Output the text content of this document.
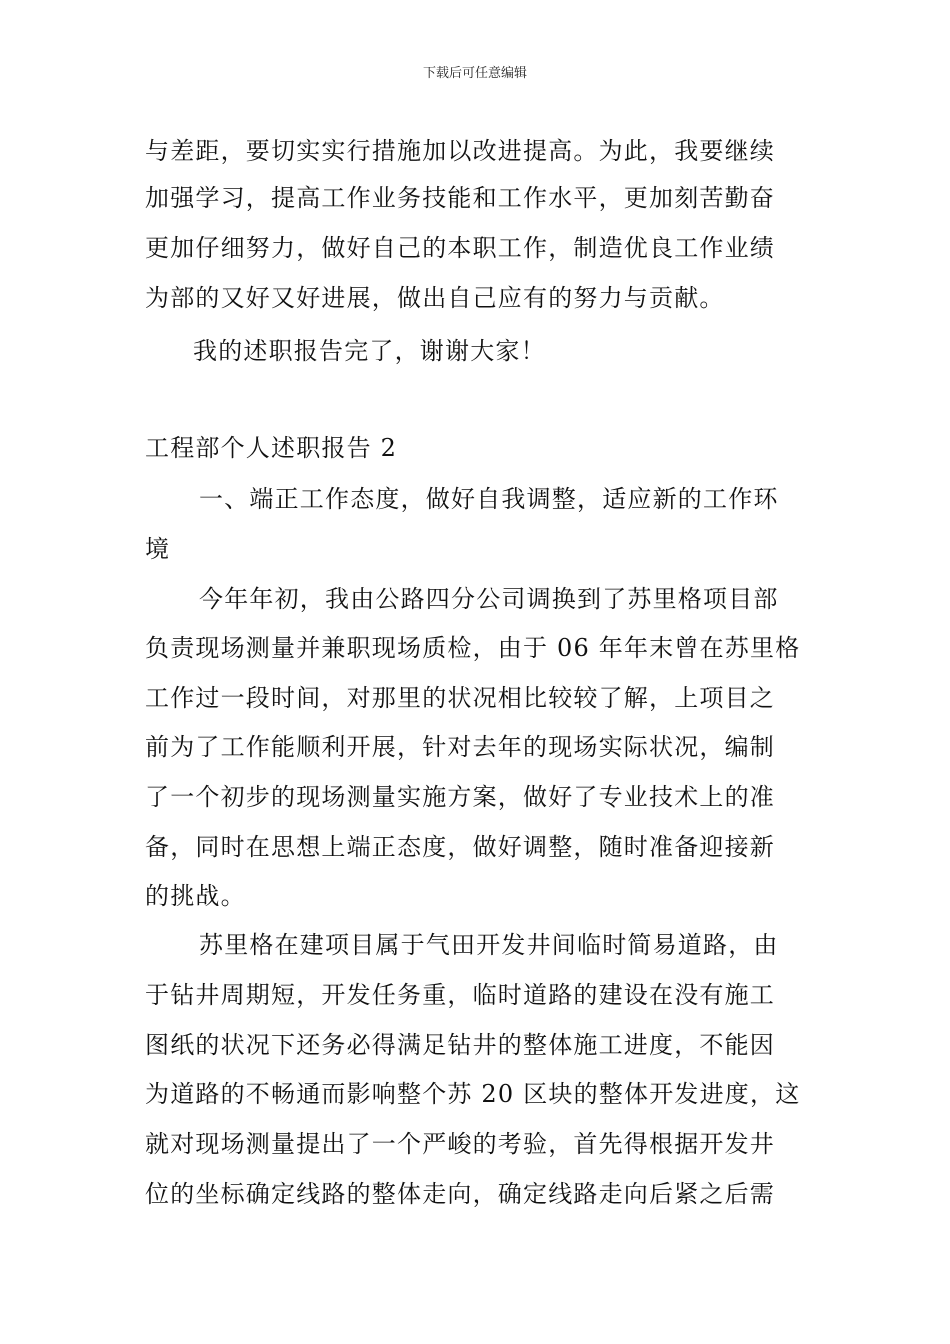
下载后可任意编辑
与差距，要切实实行措施加以改进提高。为此，我要继续
加强学习，提高工作业务技能和工作水平，更加刻苦勤奋
更加仔细努力，做好自己的本职工作，制造优良工作业绩
为部的又好又好进展，做出自己应有的努力与贡献。
我的述职报告完了，谢谢大家！
工程部个人述职报告 2
一、端正工作态度，做好自我调整，适应新的工作环
境
今年年初，我由公路四分公司调换到了苏里格项目部
负责现场测量并兼职现场质检，由于 06 年年末曾在苏里格
工作过一段时间，对那里的状况相比较较了解，上项目之
前为了工作能顺利开展，针对去年的现场实际状况，编制
了一个初步的现场测量实施方案，做好了专业技术上的准
备，同时在思想上端正态度，做好调整，随时准备迎接新
的挑战。
苏里格在建项目属于气田开发井间临时简易道路，由
于钻井周期短，开发任务重，临时道路的建设在没有施工
图纸的状况下还务必得满足钻井的整体施工进度，不能因
为道路的不畅通而影响整个苏 20 区块的整体开发进度，这
就对现场测量提出了一个严峻的考验，首先得根据开发井
位的坐标确定线路的整体走向，确定线路走向后紧之后需
